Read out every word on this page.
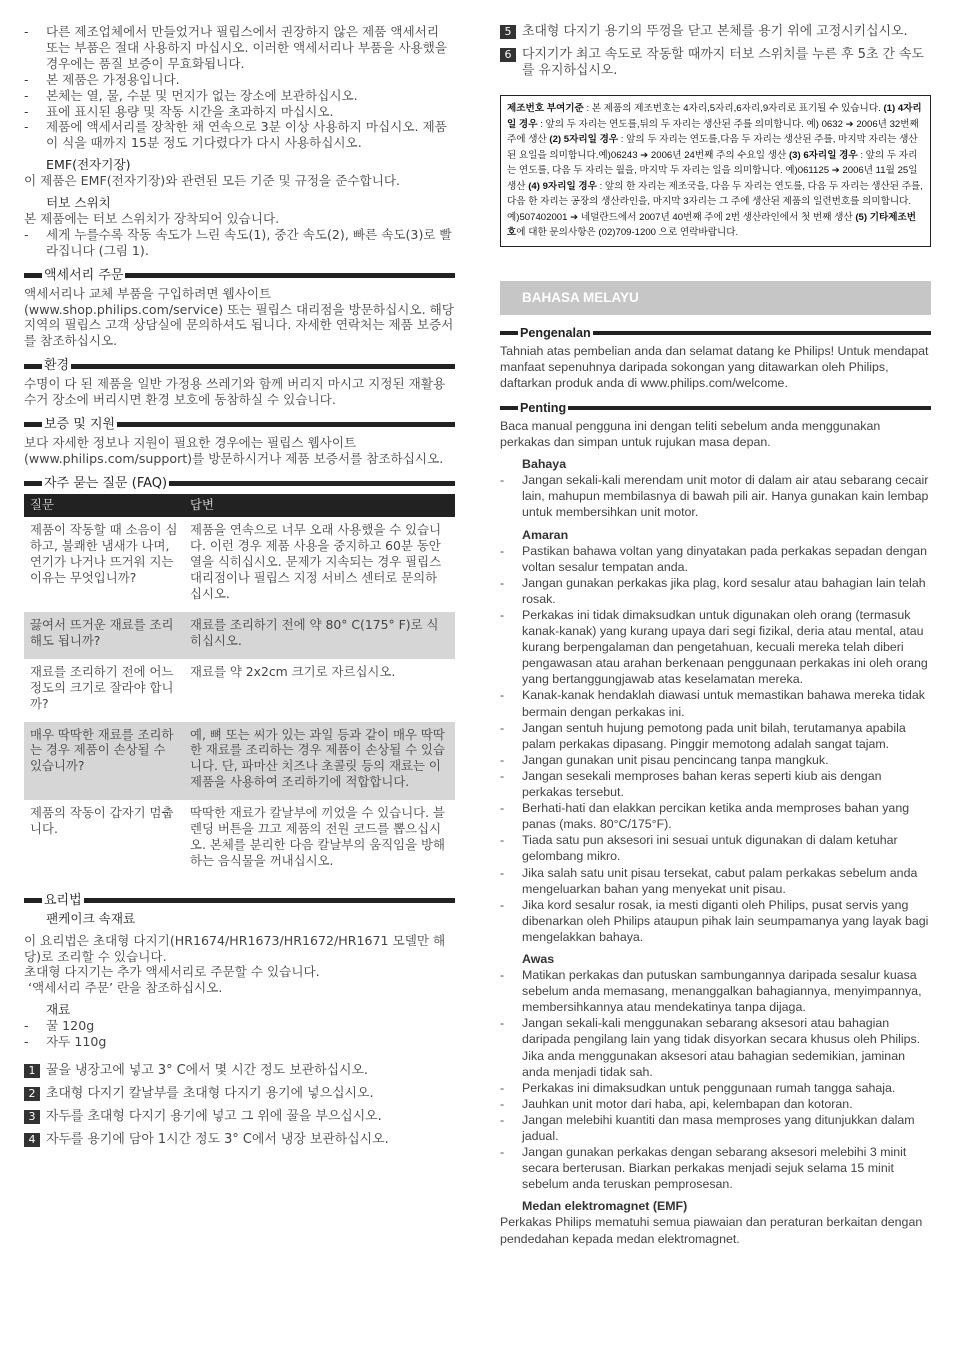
- 다른 제조업체에서 만들었거나 필립스에서 권장하지 않은 제품 액세서리 또는 부품은 절대 사용하지 마십시오. 이러한 액세서리나 부품을 사용했을 경우에는 품질 보증이 무효화됩니다.
- 본 제품은 가정용입니다.
- 본체는 열, 물, 수분 및 먼지가 없는 장소에 보관하십시오.
- 표에 표시된 용량 및 작동 시간을 초과하지 마십시오.
- 제품에 액세서리를 장착한 채 연속으로 3분 이상 사용하지 마십시오. 제품이 식을 때까지 15분 정도 기다렸다가 다시 사용하십시오.

EMF(전자기장)

이 제품은 EMF(전자기장)와 관련된 모든 기준 및 규정을 준수합니다.

터보 스위치

본 제품에는 터보 스위치가 장착되어 있습니다.

- 세게 누를수록 작동 속도가 느린 속도(1), 중간 속도(2), 빠른 속도(3)로 빨라집니다 (그림 1).
액세서리 주문

액세서리나 교체 부품을 구입하려면 웹사이트 (www.shop.philips.com/service) 또는 필립스 대리점을 방문하십시오. 해당 지역의 필립스 고객 상담실에 문의하셔도 됩니다. 자세한 연락처는 제품 보증서를 참조하십시오.

환경

수명이 다 된 제품을 일반 가정용 쓰레기와 함께 버리지 마시고 지정된 재활용 수거 장소에 버리시면 환경 보호에 동참하실 수 있습니다.

보증 및 지원

보다 자세한 정보나 지원이 필요한 경우에는 필립스 웹사이트 (www.philips.com/support)를 방문하시거나 제품 보증서를 참조하십시오.

자주 묻는 질문 (FAQ)
질문	답변
제품이 작동할 때 소음이 심하고, 불쾌한 냄새가 나며, 연기가 나거나 뜨거워 지는 이유는 무엇입니까?	제품을 연속으로 너무 오래 사용했을 수 있습니다. 이런 경우 제품 사용을 중지하고 60분 동안 열을 식히십시오. 문제가 지속되는 경우 필립스 대리점이나 필립스 지정 서비스 센터로 문의하십시오.
끓여서 뜨거운 재료를 조리해도 됩니까?	재료를 조리하기 전에 약 80° C(175° F)로 식히십시오.
재료를 조리하기 전에 어느 정도의 크기로 잘라야 합니까?	재료를 약 2x2cm 크기로 자르십시오.
매우 딱딱한 재료를 조리하는 경우 제품이 손상될 수 있습니까?	예, 뼈 또는 씨가 있는 과일 등과 같이 매우 딱딱한 재료를 조리하는 경우 제품이 손상될 수 있습니다. 단, 파마산 치즈나 초콜릿 등의 재료는 이 제품을 사용하여 조리하기에 적합합니다.
제품의 작동이 갑자기 멈춥니다.	딱딱한 재료가 칼날부에 끼었을 수 있습니다. 블렌딩 버튼을 끄고 제품의 전원 코드를 뽑으십시오. 본체를 분리한 다음 칼날부의 움직임을 방해하는 음식물을 꺼내십시오.
요리법

팬케이크 속재료

이 요리법은 초대형 다지기(HR1674/HR1673/HR1672/HR1671 모델만 해당)로 조리할 수 있습니다.

초대형 다지기는 추가 액세서리로 주문할 수 있습니다.

‘액세서리 주문’ 란을 참조하십시오.

재료

- 꿀 120g
- 자두 110g
1 꿀을 냉장고에 넣고 3° C에서 몇 시간 정도 보관하십시오.
2 초대형 다지기 칼날부를 초대형 다지기 용기에 넣으십시오.
3 자두를 초대형 다지기 용기에 넣고 그 위에 꿀을 부으십시오.
4 자두를 용기에 담아 1시간 정도 3° C에서 냉장 보관하십시오.
5 초대형 다지기 용기의 뚜껑을 닫고 본체를 용기 위에 고정시키십시오.
6 다지기가 최고 속도로 작동할 때까지 터보 스위치를 누른 후 5초 간 속도를 유지하십시오.
제조번호 부여기준 : 본 제품의 제조번호는 4자리,5자리,6자리,9자리로 표기될 수 있습니다. (1) 4자리일 경우 : 앞의 두 자리는 연도를,뒤의 두 자리는 생산된 주를 의미합니다. 예) 0632 ➔ 2006년 32번째 주에 생산 (2) 5자리일 경우 : 앞의 두 자리는 연도를,다음 두 자리는 생산된 주를, 마지막 자리는 생산된 요일을 의미합니다.예)06243 ➔ 2006년 24번째 주의 수요일 생산 (3) 6자리일 경우 : 앞의 두 자리는 연도를, 다음 두 자리는 월을, 마지막 두 자리는 일을 의미합니다. 예)061125 ➔ 2006년 11월 25일 생산 (4) 9자리일 경우 : 앞의 한 자리는 제조국을, 다음 두 자리는 연도를, 다음 두 자리는 생산된 주를, 다음 한 자리는 공장의 생산라인을, 마지막 3자리는 그 주에 생산된 제품의 일련번호를 의미합니다. 예)507402001 ➔ 네덜란드에서 2007년 40번째 주에 2번 생산라인에서 첫 번째 생산 (5) 기타제조번호에 대한 문의사항은 (02)709-1200 으로 연락바랍니다.
BAHASA MELAYU
Pengenalan

Tahniah atas pembelian anda dan selamat datang ke Philips! Untuk mendapat manfaat sepenuhnya daripada sokongan yang ditawarkan oleh Philips, daftarkan produk anda di www.philips.com/welcome.

Penting

Baca manual pengguna ini dengan teliti sebelum anda menggunakan perkakas dan simpan untuk rujukan masa depan.

Bahaya

- Jangan sekali-kali merendam unit motor di dalam air atau sebarang cecair lain, mahupun membilasnya di bawah pili air. Hanya gunakan kain lembap untuk membersihkan unit motor.

Amaran

- Pastikan bahawa voltan yang dinyatakan pada perkakas sepadan dengan voltan sesalur tempatan anda.
- Jangan gunakan perkakas jika plag, kord sesalur atau bahagian lain telah rosak.
- Perkakas ini tidak dimaksudkan untuk digunakan oleh orang (termasuk kanak-kanak) yang kurang upaya dari segi fizikal, deria atau mental, atau kurang berpengalaman dan pengetahuan, kecuali mereka telah diberi pengawasan atau arahan berkenaan penggunaan perkakas ini oleh orang yang bertanggungjawab atas keselamatan mereka.
- Kanak-kanak hendaklah diawasi untuk memastikan bahawa mereka tidak bermain dengan perkakas ini.
- Jangan sentuh hujung pemotong pada unit bilah, terutamanya apabila palam perkakas dipasang. Pinggir memotong adalah sangat tajam.
- Jangan gunakan unit pisau pencincang tanpa mangkuk.
- Jangan sesekali memproses bahan keras seperti kiub ais dengan perkakas tersebut.
- Berhati-hati dan elakkan percikan ketika anda memproses bahan yang panas (maks. 80°C/175°F).
- Tiada satu pun aksesori ini sesuai untuk digunakan di dalam ketuhar gelombang mikro.
- Jika salah satu unit pisau tersekat, cabut palam perkakas sebelum anda mengeluarkan bahan yang menyekat unit pisau.
- Jika kord sesalur rosak, ia mesti diganti oleh Philips, pusat servis yang dibenarkan oleh Philips ataupun pihak lain seumpamanya yang layak bagi mengelakkan bahaya.

Awas

- Matikan perkakas dan putuskan sambungannya daripada sesalur kuasa sebelum anda memasang, menanggalkan bahagiannya, menyimpannya, membersihkannya atau mendekatinya tanpa dijaga.
- Jangan sekali-kali menggunakan sebarang aksesori atau bahagian daripada pengilang lain yang tidak disyorkan secara khusus oleh Philips. Jika anda menggunakan aksesori atau bahagian sedemikian, jaminan anda menjadi tidak sah.
- Perkakas ini dimaksudkan untuk penggunaan rumah tangga sahaja.
- Jauhkan unit motor dari haba, api, kelembapan dan kotoran.
- Jangan melebihi kuantiti dan masa memproses yang ditunjukkan dalam jadual.
- Jangan gunakan perkakas dengan sebarang aksesori melebihi 3 minit secara berterusan. Biarkan perkakas menjadi sejuk selama 15 minit sebelum anda teruskan pemprosesan.

Medan elektromagnet (EMF)

Perkakas Philips mematuhi semua piawaian dan peraturan berkaitan dengan pendedahan kepada medan elektromagnet.
